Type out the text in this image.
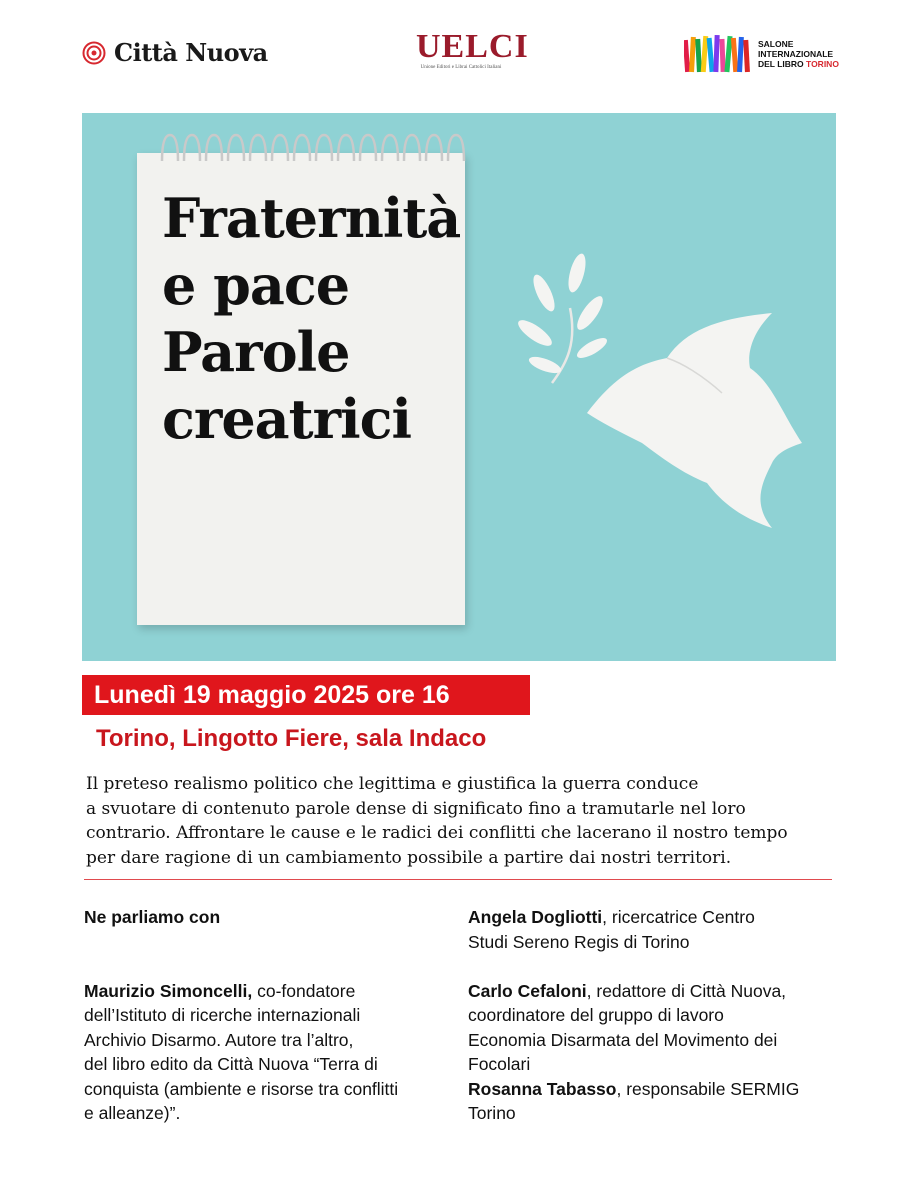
Città Nuova	UELCI
Unione Editori e Librai Cattolici Italiani
SALONE
INTERNAZIONALE
DEL LIBRO TORINO
Fraternità
e pace
Parole
creatrici
Lunedì 19 maggio 2025 ore 16
Torino, Lingotto Fiere, sala Indaco
Il preteso realismo politico che legittima e giustifica la guerra conduce
a svuotare di contenuto parole dense di significato fino a tramutarle nel loro
contrario. Affrontare le cause e le radici dei conflitti che lacerano il nostro tempo
per dare ragione di un cambiamento possibile a partire dai nostri territori.
Ne parliamo con
Maurizio Simoncelli, co-fondatore
dell’Istituto di ricerche internazionali
Archivio Disarmo. Autore tra l’altro,
del libro edito da Città Nuova “Terra di
conquista (ambiente e risorse tra conflitti
e alleanze)”.
Angela Dogliotti, ricercatrice Centro
Studi Sereno Regis di Torino
Carlo Cefaloni, redattore di Città Nuova,
coordinatore del gruppo di lavoro
Economia Disarmata del Movimento dei
Focolari
Rosanna Tabasso, responsabile SERMIG
Torino
